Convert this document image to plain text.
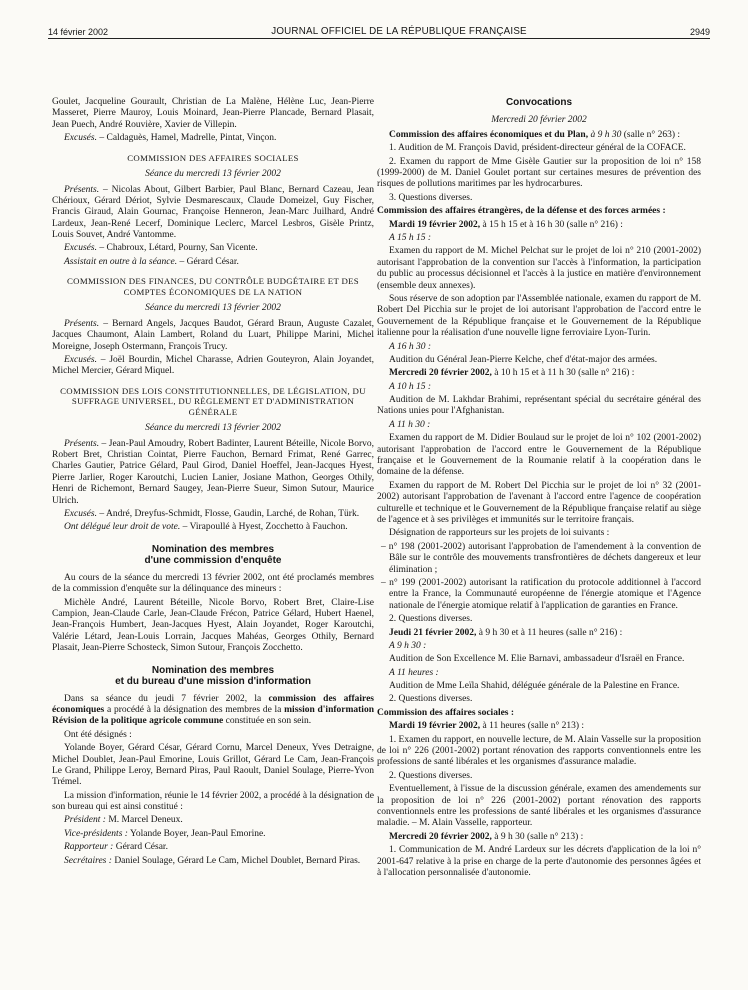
14 février 2002	JOURNAL OFFICIEL DE LA RÉPUBLIQUE FRANÇAISE	2949

Goulet, Jacqueline Gourault, Christian de La Malène, Hélène Luc, Jean-Pierre Masseret, Pierre Mauroy, Louis Moinard, Jean-Pierre Plancade, Bernard Plasait, Jean Puech, André Rouvière, Xavier de Villepin.

Excusés. – Caldaguès, Hamel, Madrelle, Pintat, Vinçon.

COMMISSION DES AFFAIRES SOCIALES
Séance du mercredi 13 février 2002

Présents. – Nicolas About, Gilbert Barbier, Paul Blanc, Bernard Cazeau, Jean Chérioux, Gérard Dériot, Sylvie Desmarescaux, Claude Domeizel, Guy Fischer, Francis Giraud, Alain Gournac, Françoise Henneron, Jean-Marc Juilhard, André Lardeux, Jean-René Lecerf, Dominique Leclerc, Marcel Lesbros, Gisèle Printz, Louis Souvet, André Vantomme.

Excusés. – Chabroux, Létard, Pourny, San Vicente.

Assistait en outre à la séance. – Gérard César.

COMMISSION DES FINANCES, DU CONTRÔLE BUDGÉTAIRE ET DES COMPTES ÉCONOMIQUES DE LA NATION
Séance du mercredi 13 février 2002

Présents. – Bernard Angels, Jacques Baudot, Gérard Braun, Auguste Cazalet, Jacques Chaumont, Alain Lambert, Roland du Luart, Philippe Marini, Michel Moreigne, Joseph Ostermann, François Trucy.

Excusés. – Joël Bourdin, Michel Charasse, Adrien Gouteyron, Alain Joyandet, Michel Mercier, Gérard Miquel.

COMMISSION DES LOIS CONSTITUTIONNELLES, DE LÉGISLATION, DU SUFFRAGE UNIVERSEL, DU RÈGLEMENT ET D'ADMINISTRATION GÉNÉRALE
Séance du mercredi 13 février 2002

Présents. – Jean-Paul Amoudry, Robert Badinter, Laurent Béteille, Nicole Borvo, Robert Bret, Christian Cointat, Pierre Fauchon, Bernard Frimat, René Garrec, Charles Gautier, Patrice Gélard, Paul Girod, Daniel Hoeffel, Jean-Jacques Hyest, Pierre Jarlier, Roger Karoutchi, Lucien Lanier, Josiane Mathon, Georges Othily, Henri de Richemont, Bernard Saugey, Jean-Pierre Sueur, Simon Sutour, Maurice Ulrich.

Excusés. – André, Dreyfus-Schmidt, Flosse, Gaudin, Larché, de Rohan, Türk.

Ont délégué leur droit de vote. – Virapoullé à Hyest, Zocchetto à Fauchon.

Nomination des membres
d'une commission d'enquête

Au cours de la séance du mercredi 13 février 2002, ont été proclamés membres de la commission d'enquête sur la délinquance des mineurs :

Michèle André, Laurent Béteille, Nicole Borvo, Robert Bret, Claire-Lise Campion, Jean-Claude Carle, Jean-Claude Frécon, Patrice Gélard, Hubert Haenel, Jean-François Humbert, Jean-Jacques Hyest, Alain Joyandet, Roger Karoutchi, Valérie Létard, Jean-Louis Lorrain, Jacques Mahéas, Georges Othily, Bernard Plasait, Jean-Pierre Schosteck, Simon Sutour, François Zocchetto.

Nomination des membres
et du bureau d'une mission d'information

Dans sa séance du jeudi 7 février 2002, la commission des affaires économiques a procédé à la désignation des membres de la mission d'information Révision de la politique agricole commune constituée en son sein.

Ont été désignés :

Yolande Boyer, Gérard César, Gérard Cornu, Marcel Deneux, Yves Detraigne, Michel Doublet, Jean-Paul Emorine, Louis Grillot, Gérard Le Cam, Jean-François Le Grand, Philippe Leroy, Bernard Piras, Paul Raoult, Daniel Soulage, Pierre-Yvon Trémel.

La mission d'information, réunie le 14 février 2002, a procédé à la désignation de son bureau qui est ainsi constitué :

Président : M. Marcel Deneux.

Vice-présidents : Yolande Boyer, Jean-Paul Emorine.

Rapporteur : Gérard César.

Secrétaires : Daniel Soulage, Gérard Le Cam, Michel Doublet, Bernard Piras.

Convocations
Mercredi 20 février 2002

Commission des affaires économiques et du Plan, à 9 h 30 (salle n° 263) :

1. Audition de M. François David, président-directeur général de la COFACE.

2. Examen du rapport de Mme Gisèle Gautier sur la proposition de loi n° 158 (1999-2000) de M. Daniel Goulet portant sur certaines mesures de prévention des risques de pollutions maritimes par les hydrocarbures.

3. Questions diverses.

Commission des affaires étrangères, de la défense et des forces armées :

Mardi 19 février 2002, à 15 h 15 et à 16 h 30 (salle n° 216) :

A 15 h 15 :

Examen du rapport de M. Michel Pelchat sur le projet de loi n° 210 (2001-2002) autorisant l'approbation de la convention sur l'accès à l'information, la participation du public au processus décisionnel et l'accès à la justice en matière d'environnement (ensemble deux annexes).

Sous réserve de son adoption par l'Assemblée nationale, examen du rapport de M. Robert Del Picchia sur le projet de loi autorisant l'approbation de l'accord entre le Gouvernement de la République française et le Gouvernement de la République italienne pour la réalisation d'une nouvelle ligne ferroviaire Lyon-Turin.

A 16 h 30 :

Audition du Général Jean-Pierre Kelche, chef d'état-major des armées.

Mercredi 20 février 2002, à 10 h 15 et à 11 h 30 (salle n° 216) :

A 10 h 15 :

Audition de M. Lakhdar Brahimi, représentant spécial du secrétaire général des Nations unies pour l'Afghanistan.

A 11 h 30 :

Examen du rapport de M. Didier Boulaud sur le projet de loi n° 102 (2001-2002) autorisant l'approbation de l'accord entre le Gouvernement de la République française et le Gouvernement de la Roumanie relatif à la coopération dans le domaine de la défense.

Examen du rapport de M. Robert Del Picchia sur le projet de loi n° 32 (2001-2002) autorisant l'approbation de l'avenant à l'accord entre l'agence de coopération culturelle et technique et le Gouvernement de la République française relatif au siège de l'agence et à ses privilèges et immunités sur le territoire français.

Désignation de rapporteurs sur les projets de loi suivants :

– n° 198 (2001-2002) autorisant l'approbation de l'amendement à la convention de Bâle sur le contrôle des mouvements transfrontières de déchets dangereux et leur élimination ;

– n° 199 (2001-2002) autorisant la ratification du protocole additionnel à l'accord entre la France, la Communauté européenne de l'énergie atomique et l'Agence nationale de l'énergie atomique relatif à l'application de garanties en France.

2. Questions diverses.

Jeudi 21 février 2002, à 9 h 30 et à 11 heures (salle n° 216) :

A 9 h 30 :

Audition de Son Excellence M. Elie Barnavi, ambassadeur d'Israël en France.

A 11 heures :

Audition de Mme Leïla Shahid, déléguée générale de la Palestine en France.

2. Questions diverses.

Commission des affaires sociales :

Mardi 19 février 2002, à 11 heures (salle n° 213) :

1. Examen du rapport, en nouvelle lecture, de M. Alain Vasselle sur la proposition de loi n° 226 (2001-2002) portant rénovation des rapports conventionnels entre les professions de santé libérales et les organismes d'assurance maladie.

2. Questions diverses.

Eventuellement, à l'issue de la discussion générale, examen des amendements sur la proposition de loi n° 226 (2001-2002) portant rénovation des rapports conventionnels entre les professions de santé libérales et les organismes d'assurance maladie. – M. Alain Vasselle, rapporteur.

Mercredi 20 février 2002, à 9 h 30 (salle n° 213) :

1. Communication de M. André Lardeux sur les décrets d'application de la loi n° 2001-647 relative à la prise en charge de la perte d'autonomie des personnes âgées et à l'allocation personnalisée d'autonomie.
